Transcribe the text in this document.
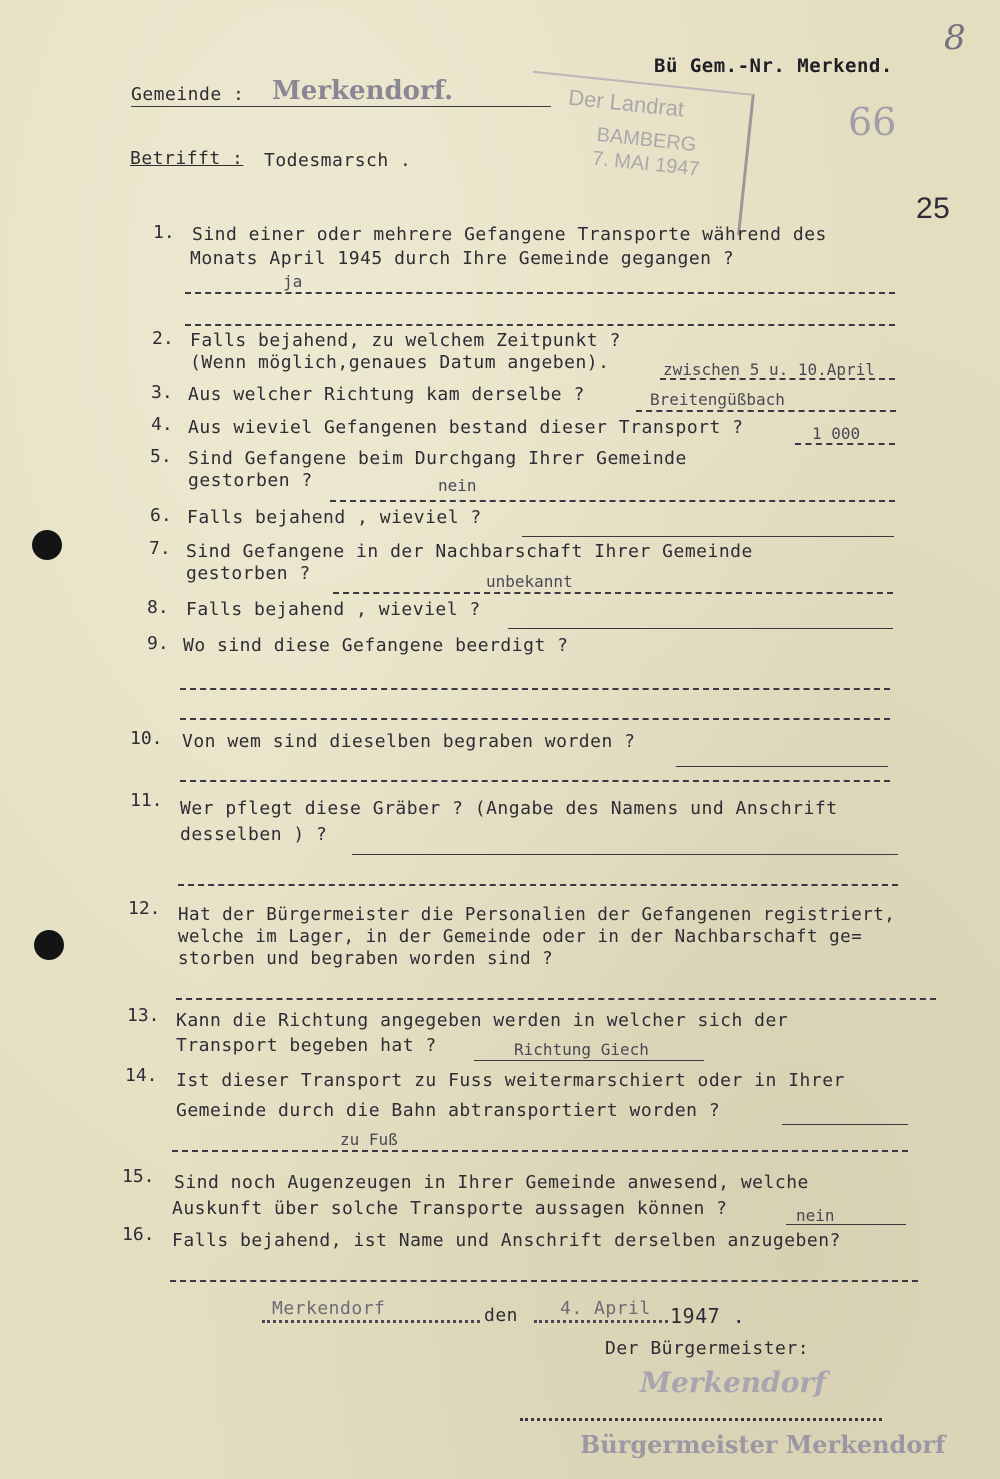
Gemeinde : Merkendorf.
Bü Gem.-Nr. Merkend.
8
66
25
Der Landrat
BAMBERG
7. MAI 1947
Betrifft : Todesmarsch .
1. Sind einer oder mehrere Gefangene Transporte während des
Monats April 1945 durch Ihre Gemeinde gegangen ?
ja
2. Falls bejahend, zu welchem Zeitpunkt ?
(Wenn möglich,genaues Datum angeben).	zwischen 5 u. 10.April
3. Aus welcher Richtung kam derselbe ?	Breitengüßbach
4. Aus wieviel Gefangenen bestand dieser Transport ?	1 000
5. Sind Gefangene beim Durchgang Ihrer Gemeinde
gestorben ?	nein
6. Falls bejahend , wieviel ?
7. Sind Gefangene in der Nachbarschaft Ihrer Gemeinde
gestorben ?	unbekannt
8. Falls bejahend , wieviel ?
9. Wo sind diese Gefangene beerdigt ?
10. Von wem sind dieselben begraben worden ?
11. Wer pflegt diese Gräber ? (Angabe des Namens und Anschrift
desselben ) ?
12. Hat der Bürgermeister die Personalien der Gefangenen registriert,
welche im Lager, in der Gemeinde oder in der Nachbarschaft ge=
storben und begraben worden sind ?
13. Kann die Richtung angegeben werden in welcher sich der
Transport begeben hat ?	Richtung Giech
14. Ist dieser Transport zu Fuss weitermarschiert oder in Ihrer
Gemeinde durch die Bahn abtransportiert worden ?
zu Fuß
15. Sind noch Augenzeugen in Ihrer Gemeinde anwesend, welche
Auskunft über solche Transporte aussagen können ?	nein
16. Falls bejahend, ist Name und Anschrift derselben anzugeben?
Merkendorf	den 4. April 1947 .
Der Bürgermeister:
Merkendorf
Bürgermeister Merkendorf
